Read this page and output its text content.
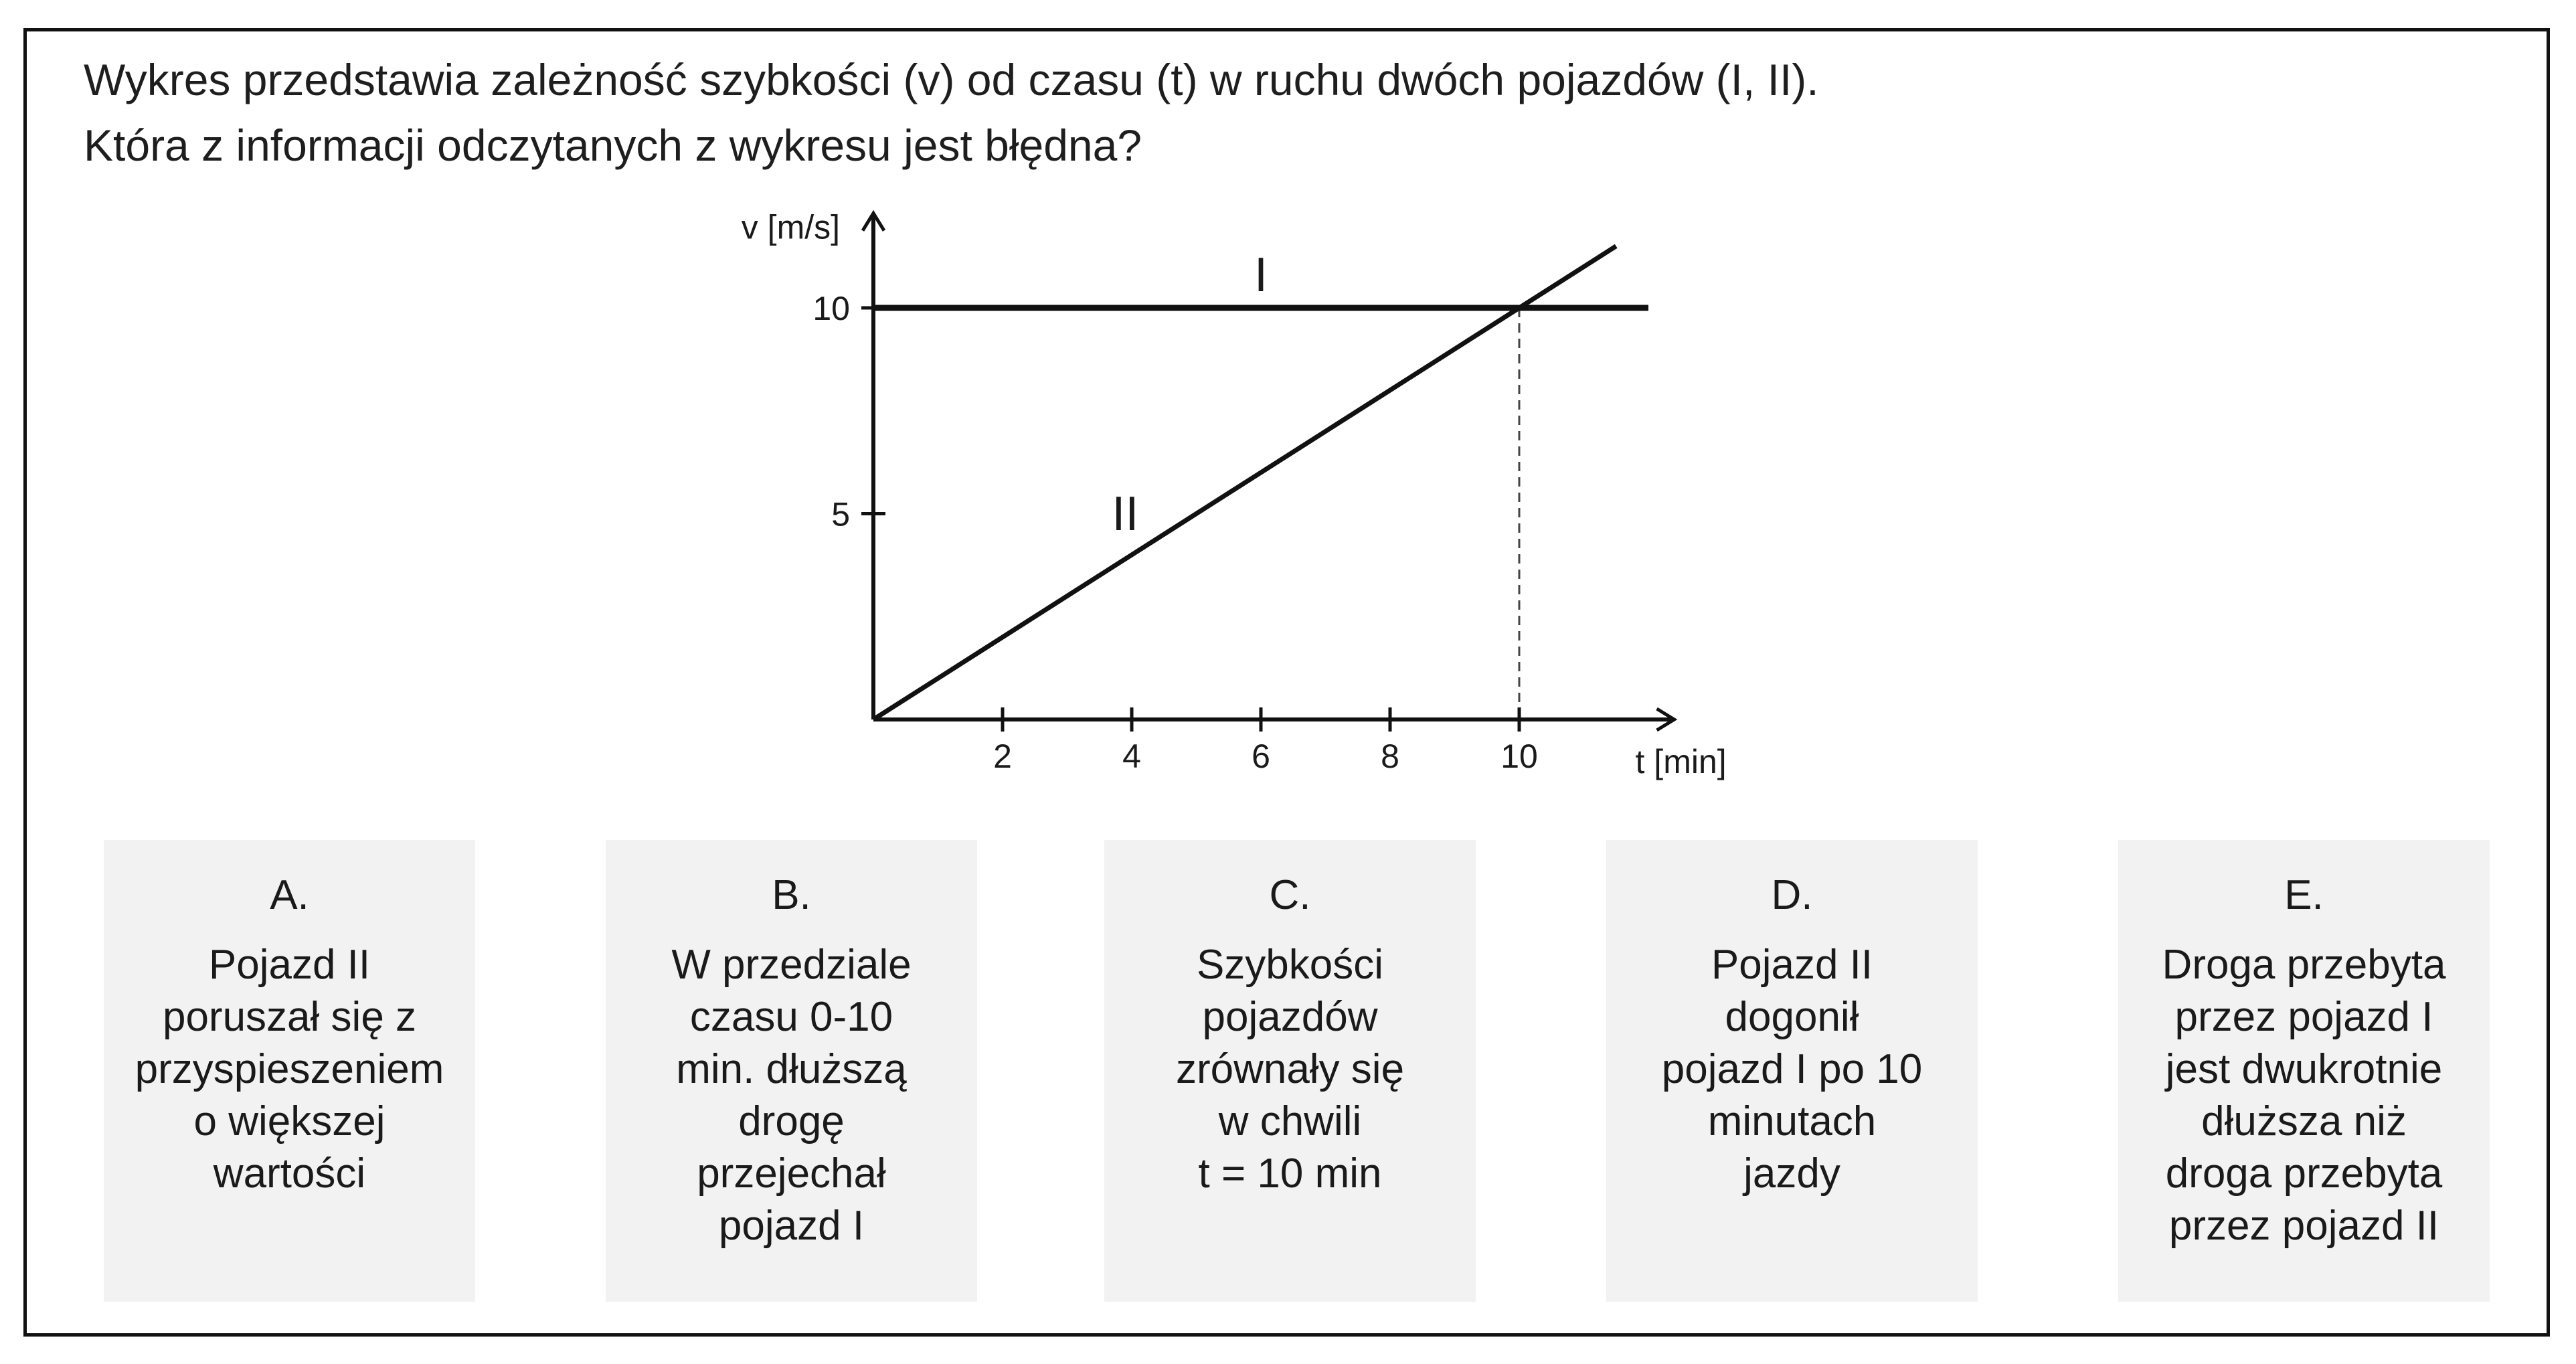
Wykres przedstawia zależność szybkości (v) od czasu (t) w ruchu dwóch pojazdów (I, II).
Która z informacji odczytanych z wykresu jest błędna?
2	4	6	8	10
5
10
v [m/s]
t [min]
I
II
A.
Pojazd II
poruszał się z
przyspieszeniem
o większej
wartości
B.
W przedziale
czasu 0-10
min. dłuższą
drogę
przejechał
pojazd I
C.
Szybkości
pojazdów
zrównały się
w chwili
t = 10 min
D.
Pojazd II
dogonił
pojazd I po 10
minutach
jazdy
E.
Droga przebyta
przez pojazd I
jest dwukrotnie
dłuższa niż
droga przebyta
przez pojazd II
